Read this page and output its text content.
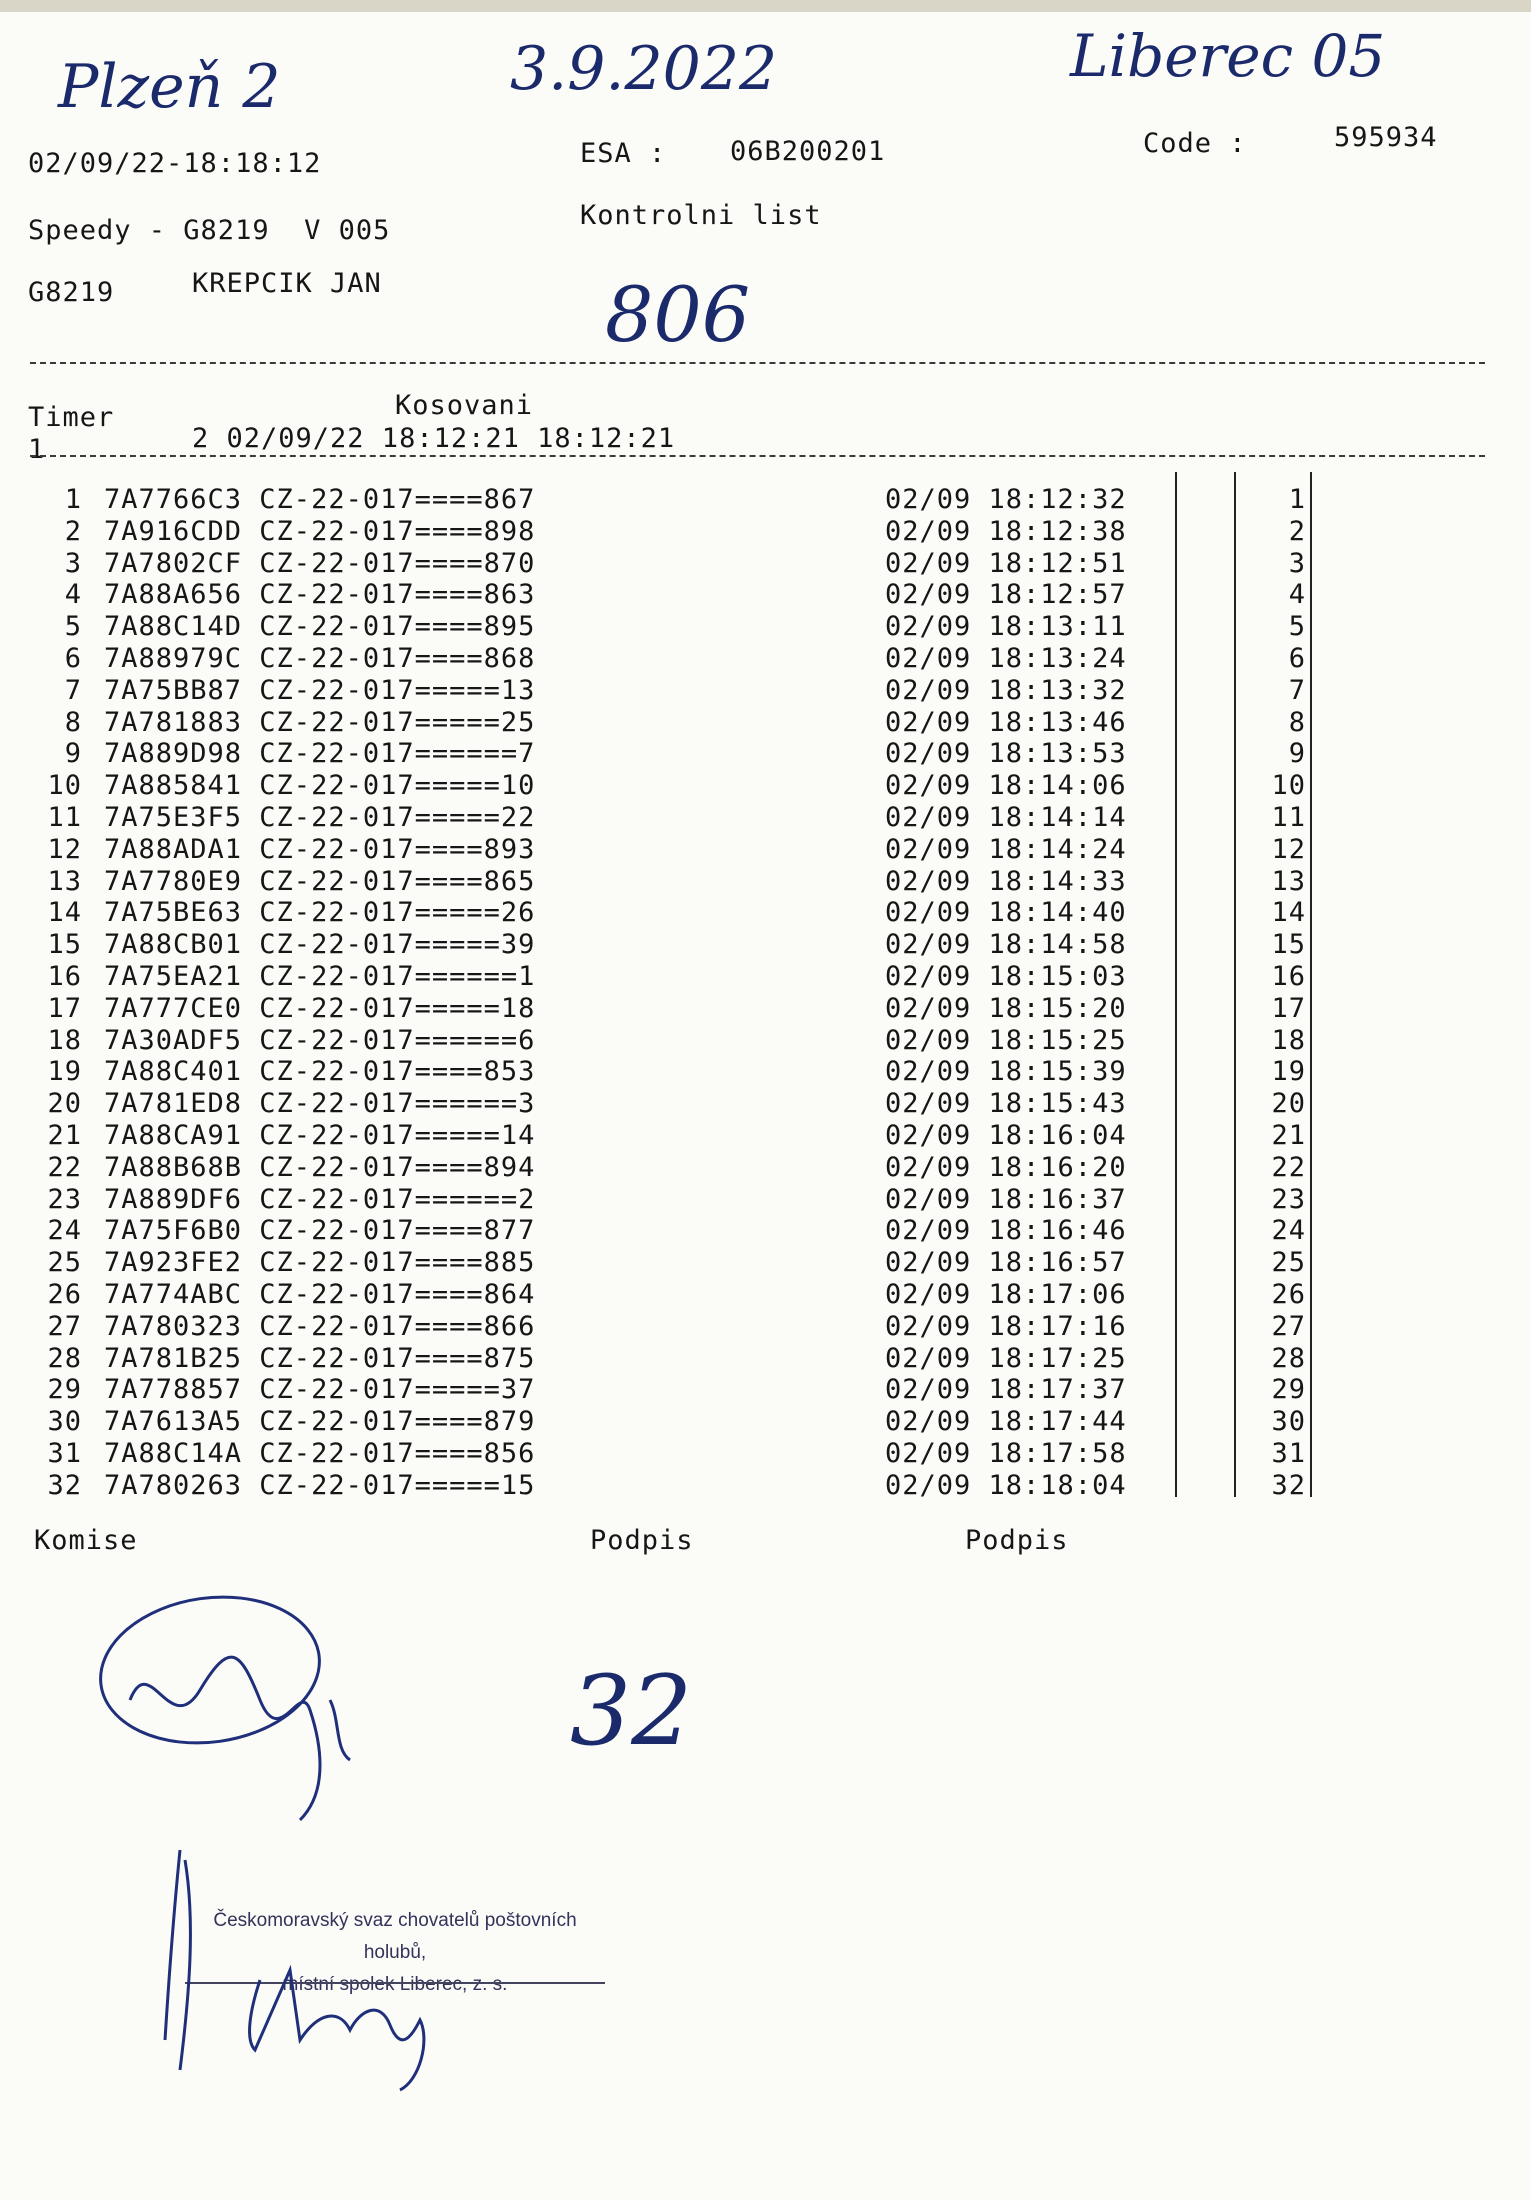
Plzeň 2	3.9.2022	Liberec 05
02/09/22-18:18:12	ESA : 06B200201	Code :	595934
Speedy - G8219  V 005	Kontrolni list
G8219	KREPCIK JAN	806
Kosovani
Timer
1	2 02/09/22 18:12:21 18:12:21
1 7A7766C3 CZ-22-017====867	02/09 18:12:32	1
2 7A916CDD CZ-22-017====898	02/09 18:12:38	2
3 7A7802CF CZ-22-017====870	02/09 18:12:51	3
4 7A88A656 CZ-22-017====863	02/09 18:12:57	4
5 7A88C14D CZ-22-017====895	02/09 18:13:11	5
6 7A88979C CZ-22-017====868	02/09 18:13:24	6
7 7A75BB87 CZ-22-017=====13	02/09 18:13:32	7
8 7A781883 CZ-22-017=====25	02/09 18:13:46	8
9 7A889D98 CZ-22-017======7	02/09 18:13:53	9
10 7A885841 CZ-22-017=====10	02/09 18:14:06	10
11 7A75E3F5 CZ-22-017=====22	02/09 18:14:14	11
12 7A88ADA1 CZ-22-017====893	02/09 18:14:24	12
13 7A7780E9 CZ-22-017====865	02/09 18:14:33	13
14 7A75BE63 CZ-22-017=====26	02/09 18:14:40	14
15 7A88CB01 CZ-22-017=====39	02/09 18:14:58	15
16 7A75EA21 CZ-22-017======1	02/09 18:15:03	16
17 7A777CE0 CZ-22-017=====18	02/09 18:15:20	17
18 7A30ADF5 CZ-22-017======6	02/09 18:15:25	18
19 7A88C401 CZ-22-017====853	02/09 18:15:39	19
20 7A781ED8 CZ-22-017======3	02/09 18:15:43	20
21 7A88CA91 CZ-22-017=====14	02/09 18:16:04	21
22 7A88B68B CZ-22-017====894	02/09 18:16:20	22
23 7A889DF6 CZ-22-017======2	02/09 18:16:37	23
24 7A75F6B0 CZ-22-017====877	02/09 18:16:46	24
25 7A923FE2 CZ-22-017====885	02/09 18:16:57	25
26 7A774ABC CZ-22-017====864	02/09 18:17:06	26
27 7A780323 CZ-22-017====866	02/09 18:17:16	27
28 7A781B25 CZ-22-017====875	02/09 18:17:25	28
29 7A778857 CZ-22-017=====37	02/09 18:17:37	29
30 7A7613A5 CZ-22-017====879	02/09 18:17:44	30
31 7A88C14A CZ-22-017====856	02/09 18:17:58	31
32 7A780263 CZ-22-017=====15	02/09 18:18:04	32
Komise	Podpis	Podpis
32
Českomoravský svaz chovatelů poštovních holubů,
místní spolek Liberec, z. s.
